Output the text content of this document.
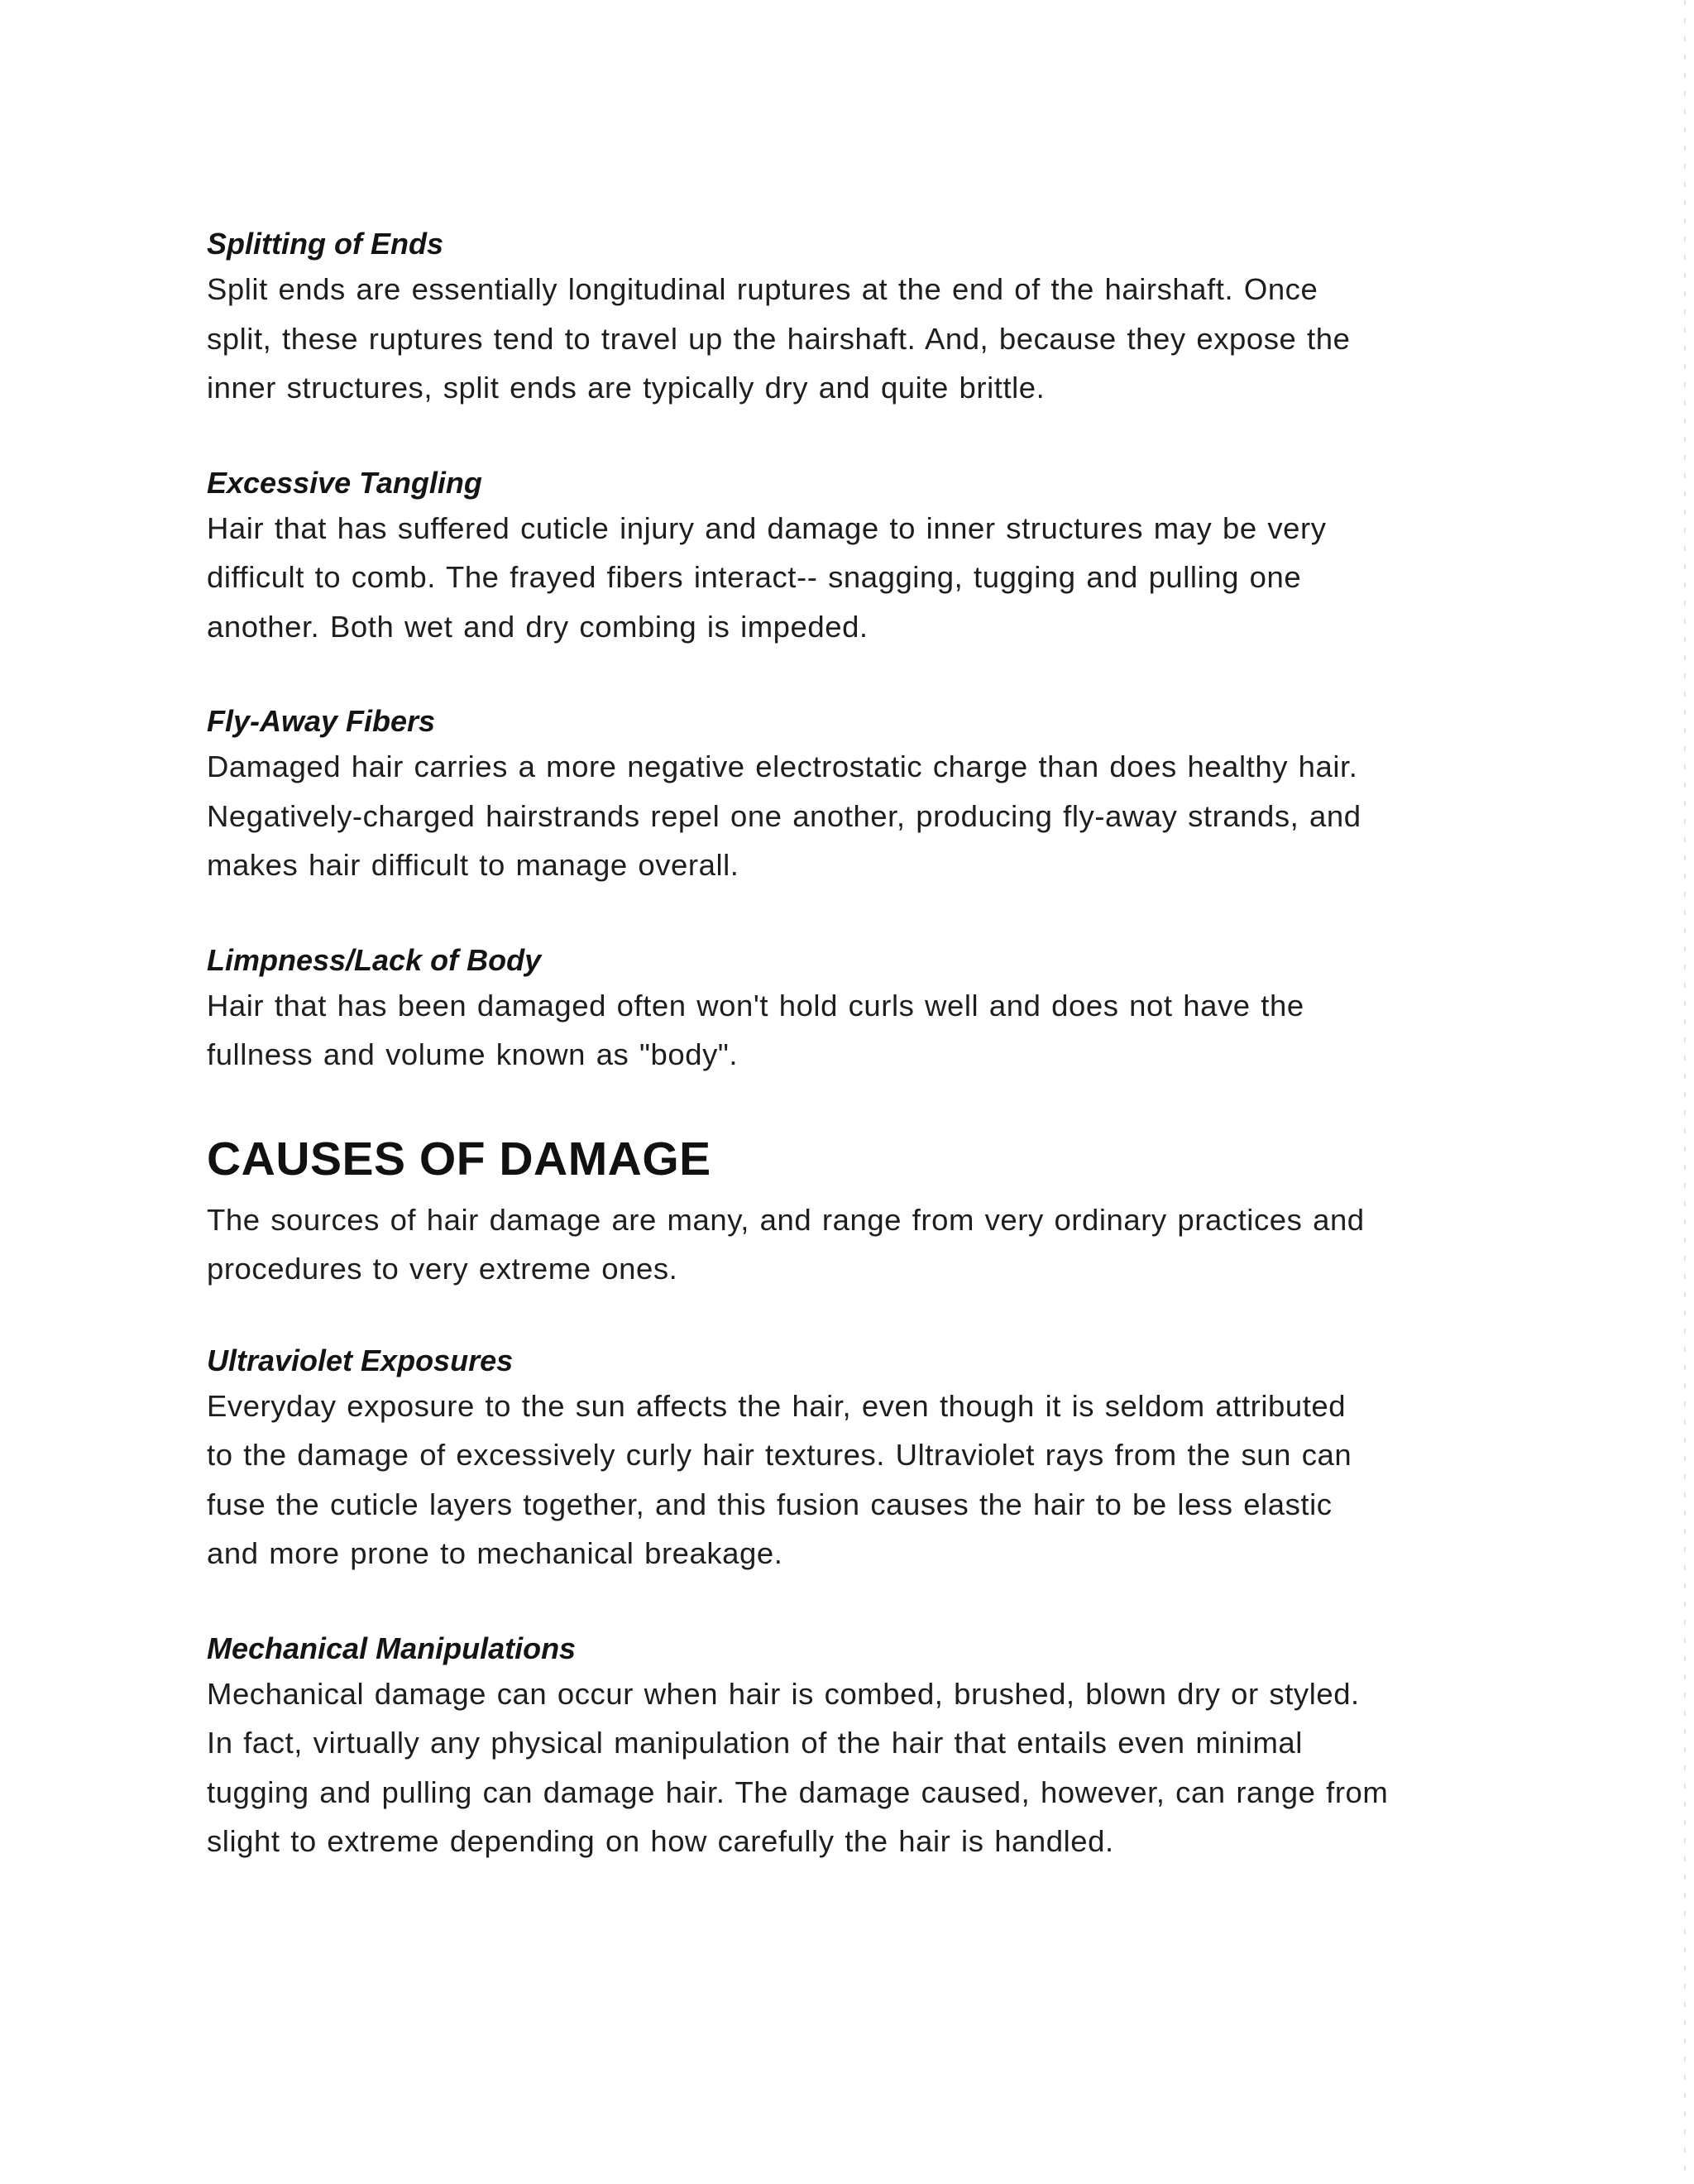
Splitting of Ends

Split ends are essentially longitudinal ruptures at the end of the hairshaft. Once

split, these ruptures tend to travel up the hairshaft. And, because they expose the

inner structures, split ends are typically dry and quite brittle.

Excessive Tangling

Hair that has suffered cuticle injury and damage to inner structures may be very

difficult to comb. The frayed fibers interact-- snagging, tugging and pulling one

another. Both wet and dry combing is impeded.

Fly-Away Fibers

Damaged hair carries a more negative electrostatic charge than does healthy hair.

Negatively-charged hairstrands repel one another, producing fly-away strands, and

makes hair difficult to manage overall.

Limpness/Lack of Body

Hair that has been damaged often won't hold curls well and does not have the

fullness and volume known as "body".

CAUSES OF DAMAGE

The sources of hair damage are many, and range from very ordinary practices and

procedures to very extreme ones.

Ultraviolet Exposures

Everyday exposure to the sun affects the hair, even though it is seldom attributed

to the damage of excessively curly hair textures. Ultraviolet rays from the sun can

fuse the cuticle layers together, and this fusion causes the hair to be less elastic

and more prone to mechanical breakage.

Mechanical Manipulations

Mechanical damage can occur when hair is combed, brushed, blown dry or styled.

In fact, virtually any physical manipulation of the hair that entails even minimal

tugging and pulling can damage hair. The damage caused, however, can range from

slight to extreme depending on how carefully the hair is handled.
